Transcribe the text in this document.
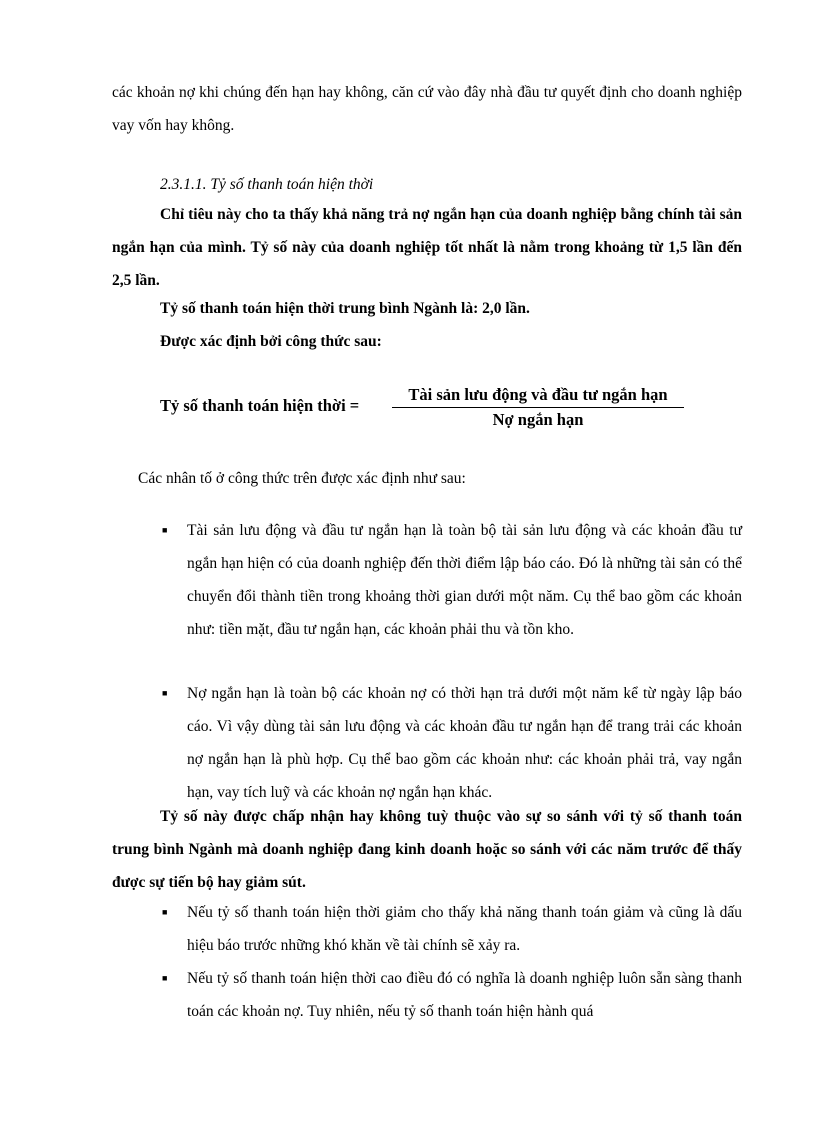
các khoản nợ khi chúng đến hạn hay không, căn cứ vào đây nhà đầu tư quyết định cho doanh nghiệp vay vốn hay không.

2.3.1.1. Tỷ số thanh toán hiện thời

Chỉ tiêu này cho ta thấy khả năng trả nợ ngắn hạn của doanh nghiệp bằng chính tài sản ngắn hạn của mình. Tỷ số này của doanh nghiệp tốt nhất là nằm trong khoảng từ 1,5 lần đến 2,5 lần.

Tỷ số thanh toán hiện thời trung bình Ngành là: 2,0 lần.

Được xác định bởi công thức sau:

Tỷ số thanh toán hiện thời =
Tài sản lưu động và đầu tư ngắn hạn
Nợ ngắn hạn

Các nhân tố ở công thức trên được xác định như sau:

■ Tài sản lưu động và đầu tư ngắn hạn là toàn bộ tài sản lưu động và các khoản đầu tư ngắn hạn hiện có của doanh nghiệp đến thời điểm lập báo cáo. Đó là những tài sản có thể chuyển đổi thành tiền trong khoảng thời gian dưới một năm. Cụ thể bao gồm các khoản như: tiền mặt, đầu tư ngắn hạn, các khoản phải thu và tồn kho.

■ Nợ ngắn hạn là toàn bộ các khoản nợ có thời hạn trả dưới một năm kể từ ngày lập báo cáo. Vì vậy dùng tài sản lưu động và các khoản đầu tư ngắn hạn để trang trải các khoản nợ ngắn hạn là phù hợp. Cụ thể bao gồm các khoản như: các khoản phải trả, vay ngắn hạn, vay tích luỹ và các khoản nợ ngắn hạn khác.

Tỷ số này được chấp nhận hay không tuỳ thuộc vào sự so sánh với tỷ số thanh toán trung bình Ngành mà doanh nghiệp đang kinh doanh hoặc so sánh với các năm trước để thấy được sự tiến bộ hay giảm sút.

■ Nếu tỷ số thanh toán hiện thời giảm cho thấy khả năng thanh toán giảm và cũng là dấu hiệu báo trước những khó khăn về tài chính sẽ xảy ra.

■ Nếu tỷ số thanh toán hiện thời cao điều đó có nghĩa là doanh nghiệp luôn sẵn sàng thanh toán các khoản nợ. Tuy nhiên, nếu tỷ số thanh toán hiện hành quá
